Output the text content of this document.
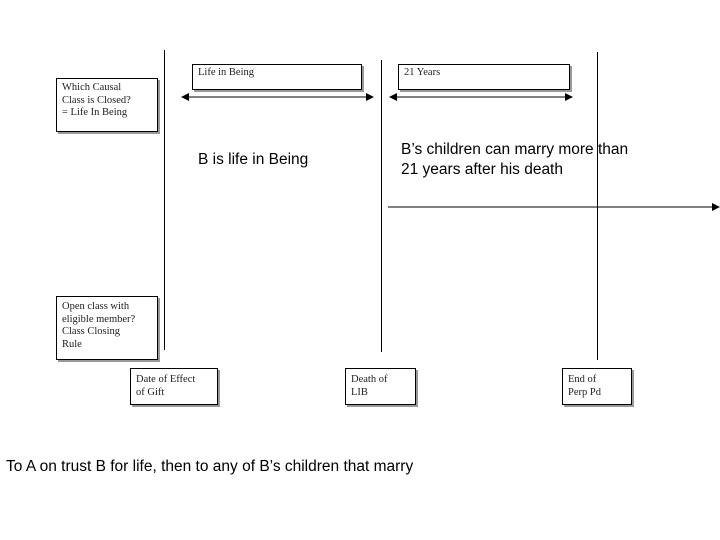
Life in Being	21 Years
Which Causal
Class is Closed?
= Life In Being
Open class with
eligible member?
Class Closing
Rule
B is life in Being
B’s children can marry more than
21 years after his death
Date of Effect
of Gift
Death of
LIB
End of
Perp Pd
To A on trust B for life, then to any of B’s children that marry
